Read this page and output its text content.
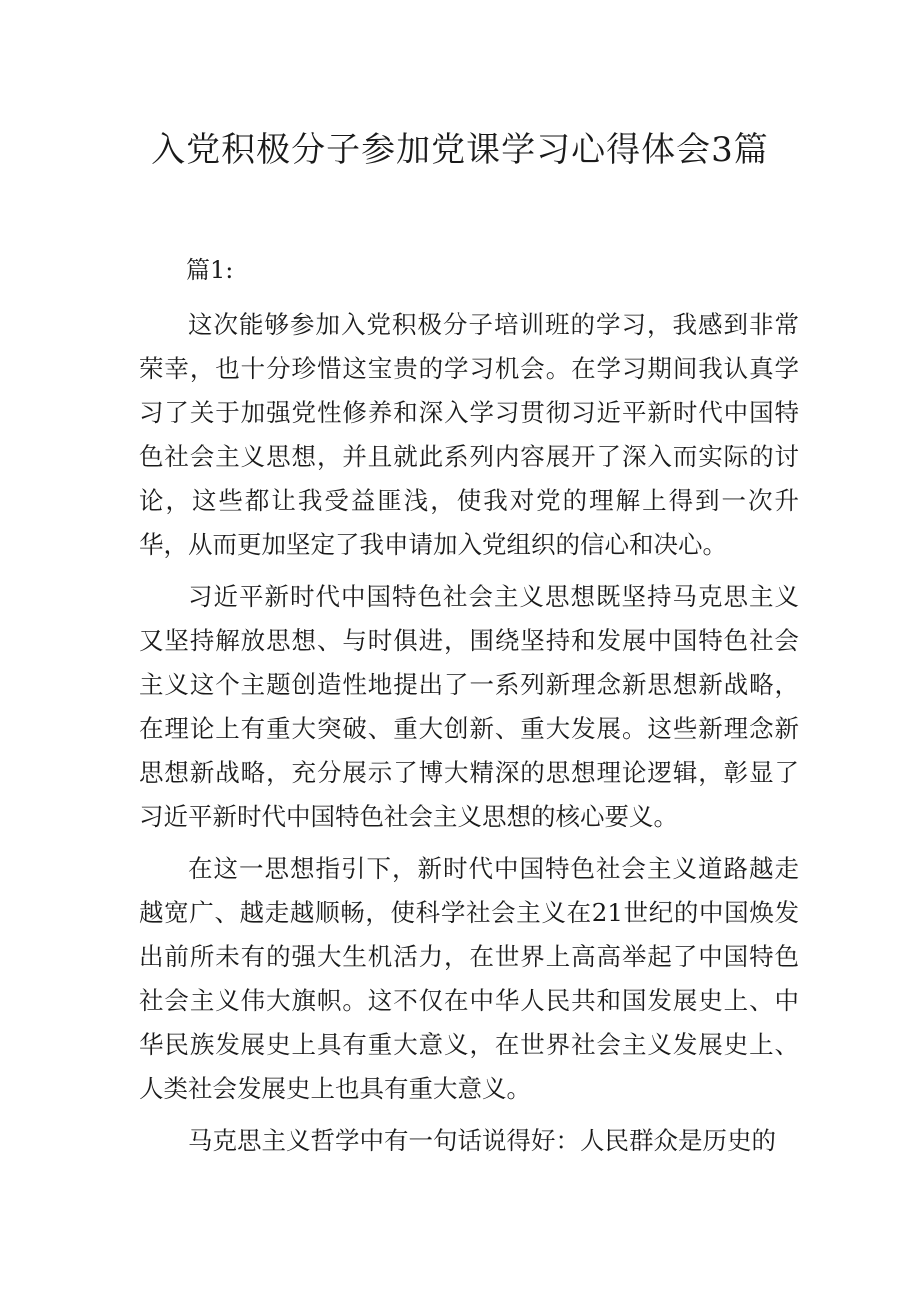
入党积极分子参加党课学习心得体会3篇
篇1:

这次能够参加入党积极分子培训班的学习，我感到非常荣幸，也十分珍惜这宝贵的学习机会。在学习期间我认真学习了关于加强党性修养和深入学习贯彻习近平新时代中国特色社会主义思想，并且就此系列内容展开了深入而实际的讨论，这些都让我受益匪浅，使我对党的理解上得到一次升华，从而更加坚定了我申请加入党组织的信心和决心。

习近平新时代中国特色社会主义思想既坚持马克思主义又坚持解放思想、与时俱进，围绕坚持和发展中国特色社会主义这个主题创造性地提出了一系列新理念新思想新战略，在理论上有重大突破、重大创新、重大发展。这些新理念新思想新战略，充分展示了博大精深的思想理论逻辑，彰显了习近平新时代中国特色社会主义思想的核心要义。

在这一思想指引下，新时代中国特色社会主义道路越走越宽广、越走越顺畅，使科学社会主义在21世纪的中国焕发出前所未有的强大生机活力，在世界上高高举起了中国特色社会主义伟大旗帜。这不仅在中华人民共和国发展史上、中华民族发展史上具有重大意义，在世界社会主义发展史上、人类社会发展史上也具有重大意义。

马克思主义哲学中有一句话说得好：人民群众是历史的
